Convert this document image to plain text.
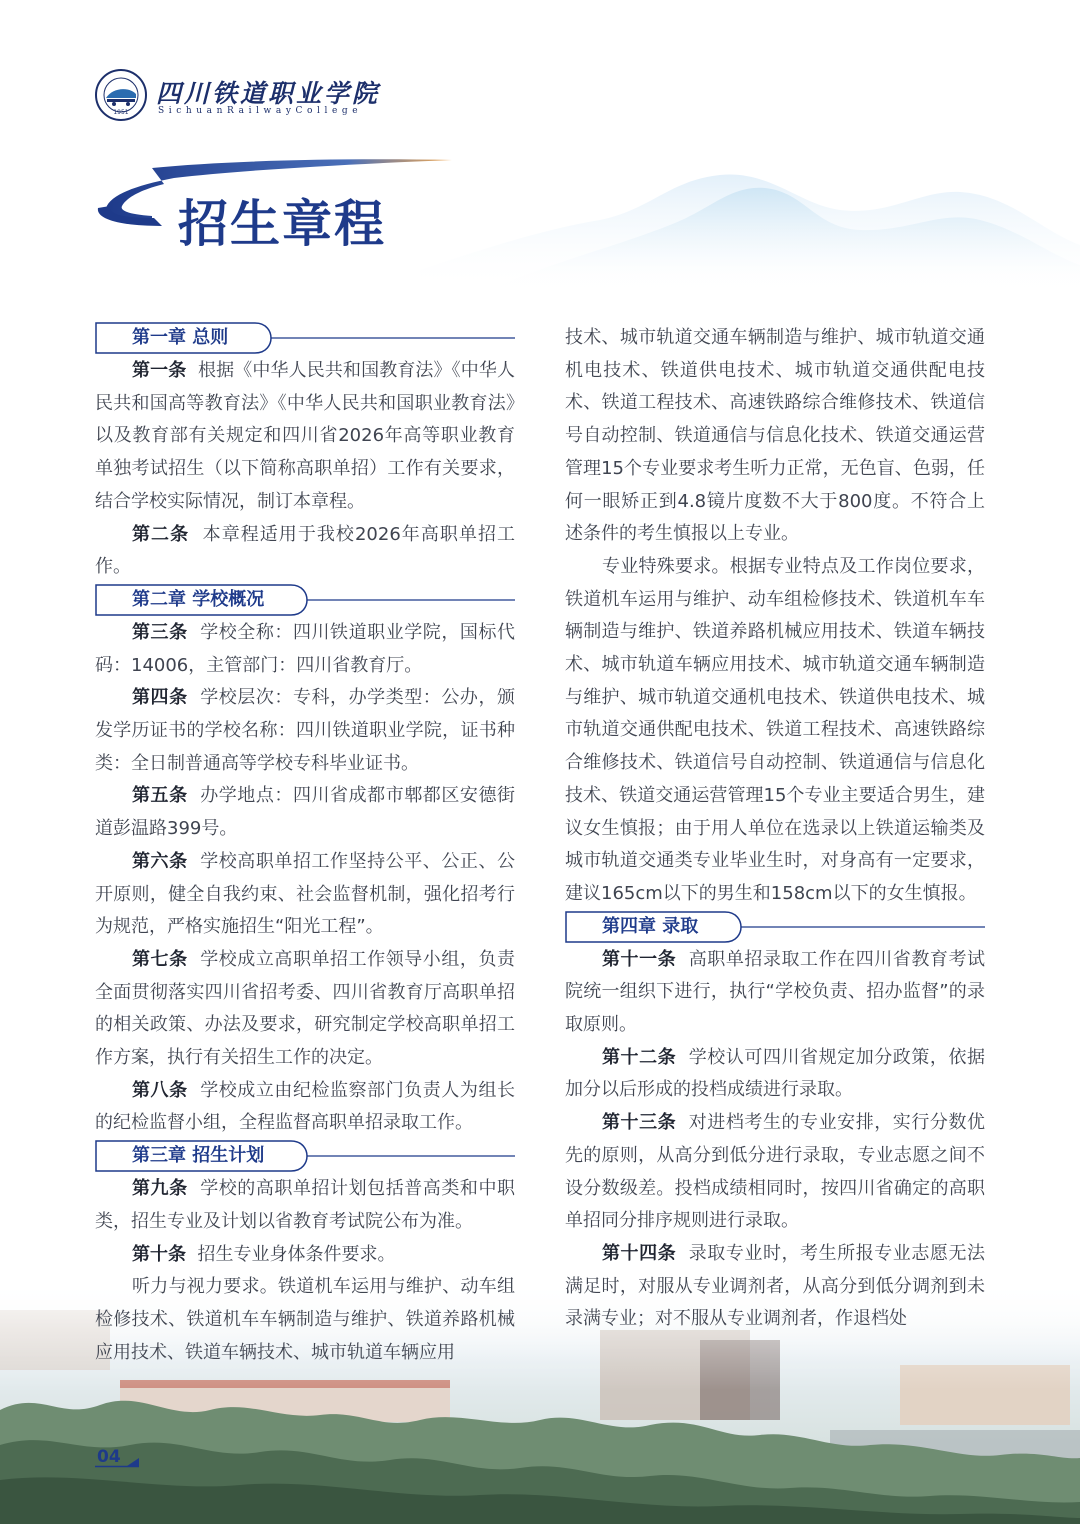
1951
四川铁道职业学院
SichuanRailwayCollege
招生章程
第一章 总则

第一条 根据《中华人民共和国教育法》《中华人民共和国高等教育法》《中华人民共和国职业教育法》以及教育部有关规定和四川省2026年高等职业教育单独考试招生（以下简称高职单招）工作有关要求，结合学校实际情况，制订本章程。

第二条 本章程适用于我校2026年高职单招工作。

第二章 学校概况

第三条 学校全称：四川铁道职业学院，国标代码：14006，主管部门：四川省教育厅。

第四条 学校层次：专科，办学类型：公办，颁发学历证书的学校名称：四川铁道职业学院，证书种类：全日制普通高等学校专科毕业证书。

第五条 办学地点：四川省成都市郫都区安德街道彭温路399号。

第六条 学校高职单招工作坚持公平、公正、公开原则，健全自我约束、社会监督机制，强化招考行为规范，严格实施招生“阳光工程”。

第七条 学校成立高职单招工作领导小组，负责全面贯彻落实四川省招考委、四川省教育厅高职单招的相关政策、办法及要求，研究制定学校高职单招工作方案，执行有关招生工作的决定。

第八条 学校成立由纪检监察部门负责人为组长的纪检监督小组，全程监督高职单招录取工作。

第三章 招生计划

第九条 学校的高职单招计划包括普高类和中职类，招生专业及计划以省教育考试院公布为准。

第十条 招生专业身体条件要求。

听力与视力要求。铁道机车运用与维护、动车组检修技术、铁道机车车辆制造与维护、铁道养路机械应用技术、铁道车辆技术、城市轨道车辆应用

技术、城市轨道交通车辆制造与维护、城市轨道交通机电技术、铁道供电技术、城市轨道交通供配电技术、铁道工程技术、高速铁路综合维修技术、铁道信号自动控制、铁道通信与信息化技术、铁道交通运营管理15个专业要求考生听力正常，无色盲、色弱，任何一眼矫正到4.8镜片度数不大于800度。不符合上述条件的考生慎报以上专业。

专业特殊要求。根据专业特点及工作岗位要求，铁道机车运用与维护、动车组检修技术、铁道机车车辆制造与维护、铁道养路机械应用技术、铁道车辆技术、城市轨道车辆应用技术、城市轨道交通车辆制造与维护、城市轨道交通机电技术、铁道供电技术、城市轨道交通供配电技术、铁道工程技术、高速铁路综合维修技术、铁道信号自动控制、铁道通信与信息化技术、铁道交通运营管理15个专业主要适合男生，建议女生慎报；由于用人单位在选录以上铁道运输类及城市轨道交通类专业毕业生时，对身高有一定要求，建议165cm以下的男生和158cm以下的女生慎报。

第四章 录取

第十一条 高职单招录取工作在四川省教育考试院统一组织下进行，执行“学校负责、招办监督”的录取原则。

第十二条 学校认可四川省规定加分政策，依据加分以后形成的投档成绩进行录取。

第十三条 对进档考生的专业安排，实行分数优先的原则，从高分到低分进行录取，专业志愿之间不设分数级差。投档成绩相同时，按四川省确定的高职单招同分排序规则进行录取。

第十四条 录取专业时，考生所报专业志愿无法满足时，对服从专业调剂者，从高分到低分调剂到未录满专业；对不服从专业调剂者，作退档处

04
